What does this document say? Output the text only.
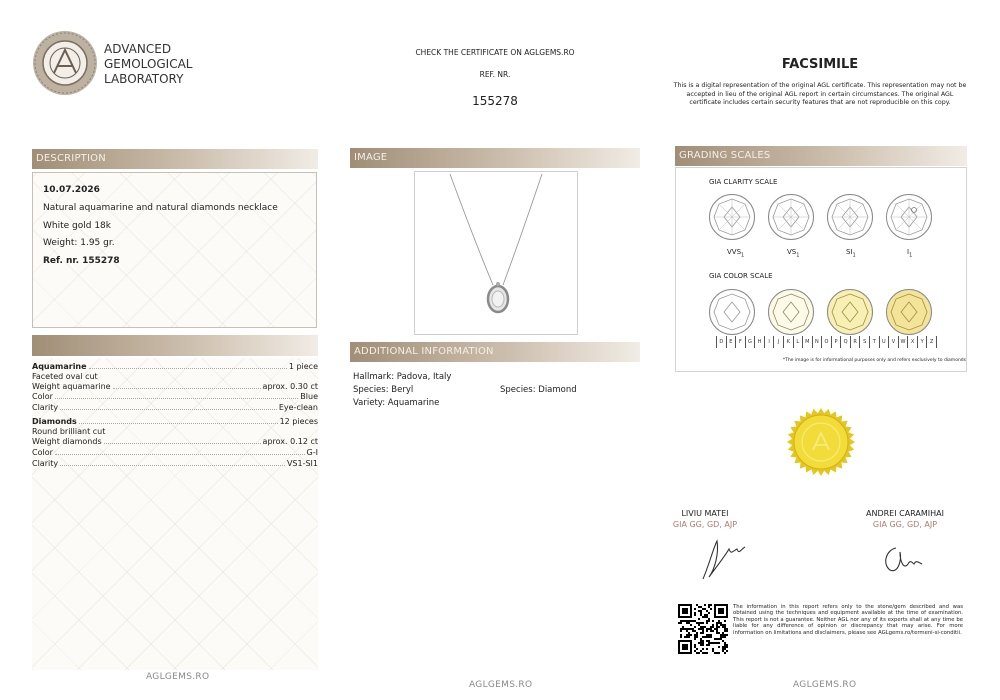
ADVANCED
GEMOLOGICAL
LABORATORY
CHECK THE CERTIFICATE ON AGLGEMS.RO
REF. NR.
155278
FACSIMILE
This is a digital representation of the original AGL certificate. This representation may not be accepted in lieu of the original AGL report in certain circumstances. The original AGL certificate includes certain security features that are not reproducible on this copy.
DESCRIPTION
10.07.2026
Natural aquamarine and natural diamonds necklace
White gold 18k
Weight: 1.95 gr.
Ref. nr. 155278
Aquamarine	1 piece
Faceted oval cut
Weight aquamarine	aprox. 0.30 ct
Color	Blue
Clarity	Eye-clean
Diamonds	12 pieces
Round brilliant cut
Weight diamonds	aprox. 0.12 ct
Color	G-I
Clarity	VS1-SI1
IMAGE
ADDITIONAL INFORMATION
Hallmark: Padova, Italy
Species: Beryl
Variety: Aquamarine
Species: Diamond
GRADING SCALES
GIA CLARITY SCALE
$VVS_1$	$VS_1$	$SI_1$	$I_1$
GIA COLOR SCALE
D	E	F	G	H	I	J	K	L	M	N	O	P	Q	R	S	T	U	V	W	X	Y	Z
*The image is for informational purposes only and refers exclusively to diamonds
LIVIU MATEI
GIA GG, GD, AJP
ANDREI CARAMIHAI
GIA GG, GD, AJP
The information in this report refers only to the stone/gem described and was obtained using the techniques and equipment available at the time of examination. This report is not a guarantee. Neither AGL nor any of its experts shall at any time be liable for any difference of opinion or discrepancy that may arise. For more information on limitations and disclaimers, please see AGLgems.ro/termeni-si-conditii.
AGLGEMS.RO
AGLGEMS.RO	AGLGEMS.RO
